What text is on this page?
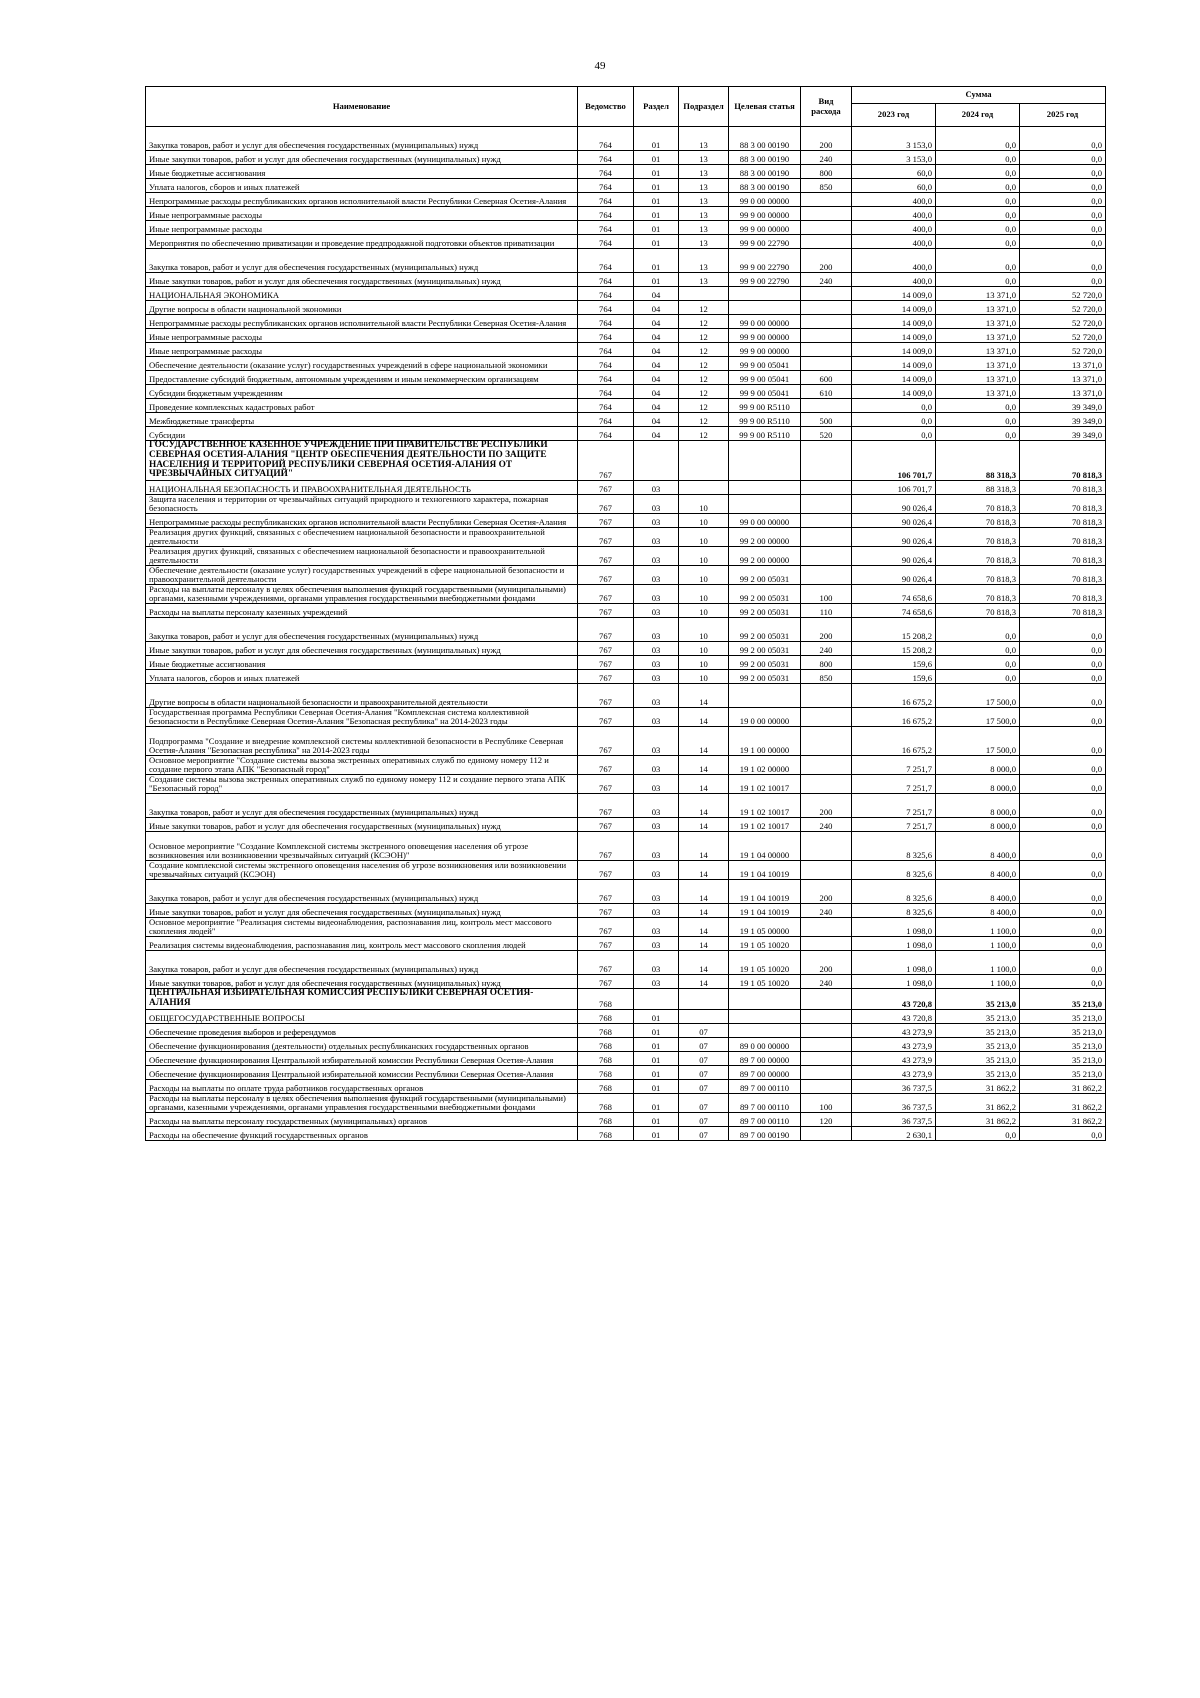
49
Наименование	Ведомство	Раздел	Подраздел	Целевая статья	Вид расхода	Сумма		
						2023 год	2024 год	2025 год
Закупка товаров, работ и услуг для обеспечения государственных (муниципальных) нужд	764	01	13	88 3 00 00190	200	3 153,0	0,0	0,0
Иные закупки товаров, работ и услуг для обеспечения государственных (муниципальных) нужд	764	01	13	88 3 00 00190	240	3 153,0	0,0	0,0
Иные бюджетные ассигнования	764	01	13	88 3 00 00190	800	60,0	0,0	0,0
Уплата налогов, сборов и иных платежей	764	01	13	88 3 00 00190	850	60,0	0,0	0,0
Непрограммные расходы республиканских органов исполнительной власти Республики Северная Осетия-Алания	764	01	13	99 0 00 00000		400,0	0,0	0,0
Иные непрограммные расходы	764	01	13	99 9 00 00000		400,0	0,0	0,0
Иные непрограммные расходы	764	01	13	99 9 00 00000		400,0	0,0	0,0
Мероприятия по обеспечению приватизации и проведение предпродажной подготовки объектов приватизации	764	01	13	99 9 00 22790		400,0	0,0	0,0
Закупка товаров, работ и услуг для обеспечения государственных (муниципальных) нужд	764	01	13	99 9 00 22790	200	400,0	0,0	0,0
Иные закупки товаров, работ и услуг для обеспечения государственных (муниципальных) нужд	764	01	13	99 9 00 22790	240	400,0	0,0	0,0
НАЦИОНАЛЬНАЯ ЭКОНОМИКА	764	04				14 009,0	13 371,0	52 720,0
Другие вопросы в области национальной экономики	764	04	12			14 009,0	13 371,0	52 720,0
Непрограммные расходы республиканских органов исполнительной власти Республики Северная Осетия-Алания	764	04	12	99 0 00 00000		14 009,0	13 371,0	52 720,0
Иные непрограммные расходы	764	04	12	99 9 00 00000		14 009,0	13 371,0	52 720,0
Иные непрограммные расходы	764	04	12	99 9 00 00000		14 009,0	13 371,0	52 720,0
Обеспечение деятельности (оказание услуг) государственных учреждений в сфере национальной экономики	764	04	12	99 9 00 05041		14 009,0	13 371,0	13 371,0
Предоставление субсидий бюджетным, автономным учреждениям и иным некоммерческим организациям	764	04	12	99 9 00 05041	600	14 009,0	13 371,0	13 371,0
Субсидии бюджетным учреждениям	764	04	12	99 9 00 05041	610	14 009,0	13 371,0	13 371,0
Проведение комплексных кадастровых работ	764	04	12	99 9 00 R5110		0,0	0,0	39 349,0
Межбюджетные трансферты	764	04	12	99 9 00 R5110	500	0,0	0,0	39 349,0
Субсидии	764	04	12	99 9 00 R5110	520	0,0	0,0	39 349,0
ГОСУДАРСТВЕННОЕ КАЗЕННОЕ УЧРЕЖДЕНИЕ ПРИ ПРАВИТЕЛЬСТВЕ РЕСПУБЛИКИ СЕВЕРНАЯ ОСЕТИЯ-АЛАНИЯ "ЦЕНТР ОБЕСПЕЧЕНИЯ ДЕЯТЕЛЬНОСТИ ПО ЗАЩИТЕ НАСЕЛЕНИЯ И ТЕРРИТОРИЙ РЕСПУБЛИКИ СЕВЕРНАЯ ОСЕТИЯ-АЛАНИЯ ОТ ЧРЕЗВЫЧАЙНЫХ СИТУАЦИЙ"	767					106 701,7	88 318,3	70 818,3
НАЦИОНАЛЬНАЯ БЕЗОПАСНОСТЬ И ПРАВООХРАНИТЕЛЬНАЯ ДЕЯТЕЛЬНОСТЬ	767	03				106 701,7	88 318,3	70 818,3
Защита населения и территории от чрезвычайных ситуаций природного и техногенного характера, пожарная безопасность	767	03	10			90 026,4	70 818,3	70 818,3
Непрограммные расходы республиканских органов исполнительной власти Республики Северная Осетия-Алания	767	03	10	99 0 00 00000		90 026,4	70 818,3	70 818,3
Реализация других функций, связанных с обеспечением национальной безопасности и правоохранительной деятельности	767	03	10	99 2 00 00000		90 026,4	70 818,3	70 818,3
Реализация других функций, связанных с обеспечением национальной безопасности и правоохранительной деятельности	767	03	10	99 2 00 00000		90 026,4	70 818,3	70 818,3
Обеспечение деятельности (оказание услуг) государственных учреждений в сфере национальной безопасности и правоохранительной деятельности	767	03	10	99 2 00 05031		90 026,4	70 818,3	70 818,3
Расходы на выплаты персоналу в целях обеспечения выполнения функций государственными (муниципальными) органами, казенными учреждениями, органами управления государственными внебюджетными фондами	767	03	10	99 2 00 05031	100	74 658,6	70 818,3	70 818,3
Расходы на выплаты персоналу казенных учреждений	767	03	10	99 2 00 05031	110	74 658,6	70 818,3	70 818,3
Закупка товаров, работ и услуг для обеспечения государственных (муниципальных) нужд	767	03	10	99 2 00 05031	200	15 208,2	0,0	0,0
Иные закупки товаров, работ и услуг для обеспечения государственных (муниципальных) нужд	767	03	10	99 2 00 05031	240	15 208,2	0,0	0,0
Иные бюджетные ассигнования	767	03	10	99 2 00 05031	800	159,6	0,0	0,0
Уплата налогов, сборов и иных платежей	767	03	10	99 2 00 05031	850	159,6	0,0	0,0
Другие вопросы в области национальной безопасности и правоохранительной деятельности	767	03	14			16 675,2	17 500,0	0,0
Государственная программа Республики Северная Осетия-Алания "Комплексная система коллективной безопасности в Республике Северная Осетия-Алания "Безопасная республика" на 2014-2023 годы	767	03	14	19 0 00 00000		16 675,2	17 500,0	0,0
Подпрограмма "Создание и внедрение комплексной системы коллективной безопасности в Республике Северная Осетия-Алания "Безопасная республика" на 2014-2023 годы	767	03	14	19 1 00 00000		16 675,2	17 500,0	0,0
Основное мероприятие "Создание системы вызова экстренных оперативных служб по единому номеру 112 и создание первого этапа АПК "Безопасный город"	767	03	14	19 1 02 00000		7 251,7	8 000,0	0,0
Создание системы вызова экстренных оперативных служб по единому номеру 112 и создание первого этапа АПК "Безопасный город"	767	03	14	19 1 02 10017		7 251,7	8 000,0	0,0
Закупка товаров, работ и услуг для обеспечения государственных (муниципальных) нужд	767	03	14	19 1 02 10017	200	7 251,7	8 000,0	0,0
Иные закупки товаров, работ и услуг для обеспечения государственных (муниципальных) нужд	767	03	14	19 1 02 10017	240	7 251,7	8 000,0	0,0
Основное мероприятие "Создание Комплексной системы экстренного оповещения населения об угрозе возникновения или возникновении чрезвычайных ситуаций (КСЭОН)"	767	03	14	19 1 04 00000		8 325,6	8 400,0	0,0
Создание комплексной системы экстренного оповещения населения об угрозе возникновения или возникновении чрезвычайных ситуаций (КСЭОН)	767	03	14	19 1 04 10019		8 325,6	8 400,0	0,0
Закупка товаров, работ и услуг для обеспечения государственных (муниципальных) нужд	767	03	14	19 1 04 10019	200	8 325,6	8 400,0	0,0
Иные закупки товаров, работ и услуг для обеспечения государственных (муниципальных) нужд	767	03	14	19 1 04 10019	240	8 325,6	8 400,0	0,0
Основное мероприятие "Реализация системы видеонаблюдения, распознавания лиц, контроль мест массового скопления людей"	767	03	14	19 1 05 00000		1 098,0	1 100,0	0,0
Реализация системы видеонаблюдения, распознавания лиц, контроль мест массового скопления людей	767	03	14	19 1 05 10020		1 098,0	1 100,0	0,0
Закупка товаров, работ и услуг для обеспечения государственных (муниципальных) нужд	767	03	14	19 1 05 10020	200	1 098,0	1 100,0	0,0
Иные закупки товаров, работ и услуг для обеспечения государственных (муниципальных) нужд	767	03	14	19 1 05 10020	240	1 098,0	1 100,0	0,0
ЦЕНТРАЛЬНАЯ ИЗБИРАТЕЛЬНАЯ КОМИССИЯ РЕСПУБЛИКИ СЕВЕРНАЯ ОСЕТИЯ- АЛАНИЯ	768					43 720,8	35 213,0	35 213,0
ОБЩЕГОСУДАРСТВЕННЫЕ ВОПРОСЫ	768	01				43 720,8	35 213,0	35 213,0
Обеспечение проведения выборов и референдумов	768	01	07			43 273,9	35 213,0	35 213,0
Обеспечение функционирования (деятельности) отдельных республиканских государственных органов	768	01	07	89 0 00 00000		43 273,9	35 213,0	35 213,0
Обеспечение функционирования Центральной избирательной комиссии Республики Северная Осетия-Алания	768	01	07	89 7 00 00000		43 273,9	35 213,0	35 213,0
Обеспечение функционирования Центральной избирательной комиссии Республики Северная Осетия-Алания	768	01	07	89 7 00 00000		43 273,9	35 213,0	35 213,0
Расходы на выплаты по оплате труда работников государственных органов	768	01	07	89 7 00 00110		36 737,5	31 862,2	31 862,2
Расходы на выплаты персоналу в целях обеспечения выполнения функций государственными (муниципальными) органами, казенными учреждениями, органами управления государственными внебюджетными фондами	768	01	07	89 7 00 00110	100	36 737,5	31 862,2	31 862,2
Расходы на выплаты персоналу государственных (муниципальных) органов	768	01	07	89 7 00 00110	120	36 737,5	31 862,2	31 862,2
Расходы на обеспечение функций государственных органов	768	01	07	89 7 00 00190		2 630,1	0,0	0,0
